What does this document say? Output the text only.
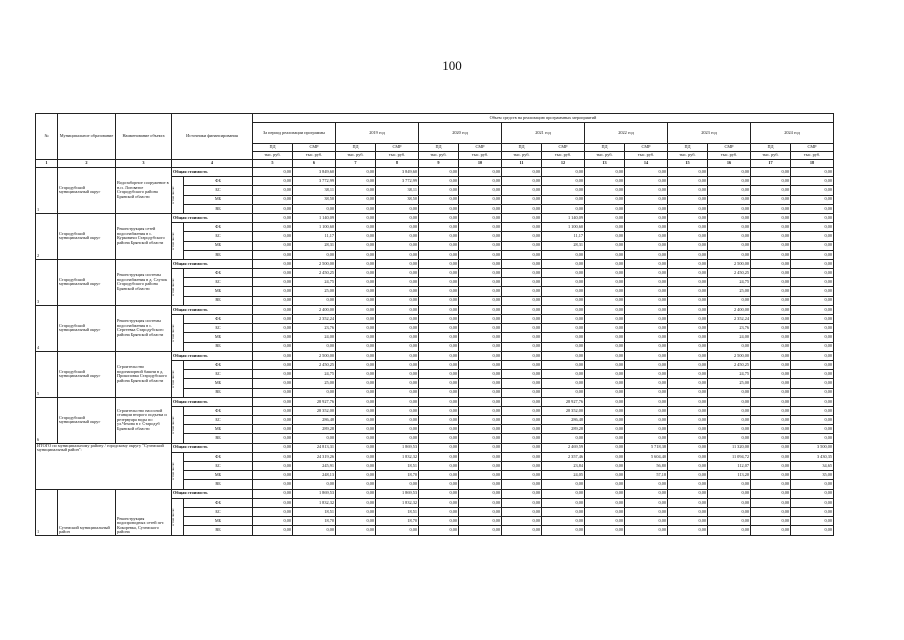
100
№	Муниципальное образование	Наименование объекта	Источники финансирования		Объем средств на реализацию программных мероприятий													
					За период реализации программы		2019 год		2020 год		2021 год		2022 год		2023 год		2024 год	
					ПД	СМР	ПД	СМР	ПД	СМР	ПД	СМР	ПД	СМР	ПД	СМР	ПД	СМР
					тыс. руб.	тыс. руб.	тыс. руб.	тыс. руб.	тыс. руб.	тыс. руб.	тыс. руб.	тыс. руб.	тыс. руб.	тыс. руб.	тыс. руб.	тыс. руб.	тыс. руб.	тыс. руб.
1	2	3	4		5	6	7	8	9	10	11	12	13	14	15	16	17	18
1	Стародубский муниципальный округ	Водозаборное сооружение в н.п. Логоватое Стародубского района Брянской области	Общая стоимость		0,00	3 849,60	0,00	3 849,60	0,00	0,00	0,00	0,00	0,00	0,00	0,00	0,00	0,00	0,00

			в том числе:	ФБ	0,00	3 772,99	0,00	3 772,99	0,00	0,00	0,00	0,00	0,00	0,00	0,00	0,00	0,00	0,00
				БС	0,00	38,11	0,00	38,11	0,00	0,00	0,00	0,00	0,00	0,00	0,00	0,00	0,00	0,00
				МБ	0,00	38,50	0,00	38,50	0,00	0,00	0,00	0,00	0,00	0,00	0,00	0,00	0,00	0,00
				ВБ	0,00	0,00	0,00	0,00	0,00	0,00	0,00	0,00	0,00	0,00	0,00	0,00	0,00	0,00
2	Стародубский муниципальный округ	Реконструкция сетей водоснабжения в с. Курковичи Стародубского района Брянской области	Общая стоимость		0,00	1 140,09	0,00	0,00	0,00	0,00	0,00	1 140,09	0,00	0,00	0,00	0,00	0,00	0,00

			в том числе:	ФБ	0,00	1 100,60	0,00	0,00	0,00	0,00	0,00	1 100,60	0,00	0,00	0,00	0,00	0,00	0,00
				БС	0,00	11,17	0,00	0,00	0,00	0,00	0,00	11,17	0,00	0,00	0,00	0,00	0,00	0,00
				МБ	0,00	28,31	0,00	0,00	0,00	0,00	0,00	28,31	0,00	0,00	0,00	0,00	0,00	0,00
				ВБ	0,00	0,00	0,00	0,00	0,00	0,00	0,00	0,00	0,00	0,00	0,00	0,00	0,00	0,00
3	Стародубский муниципальный округ	Реконструкция системы водоснабжения в д. Случок Стародубского района Брянской области	Общая стоимость		0,00	2 500,00	0,00	0,00	0,00	0,00	0,00	0,00	0,00	0,00	0,00	2 500,00	0,00	0,00

			в том числе:	ФБ	0,00	2 450,25	0,00	0,00	0,00	0,00	0,00	0,00	0,00	0,00	0,00	2 450,25	0,00	0,00
				БС	0,00	24,75	0,00	0,00	0,00	0,00	0,00	0,00	0,00	0,00	0,00	24,75	0,00	0,00
				МБ	0,00	25,00	0,00	0,00	0,00	0,00	0,00	0,00	0,00	0,00	0,00	25,00	0,00	0,00
				ВБ	0,00	0,00	0,00	0,00	0,00	0,00	0,00	0,00	0,00	0,00	0,00	0,00	0,00	0,00
4	Стародубский муниципальный округ	Реконструкция системы водоснабжения в с. Сергеевка Стародубского района Брянской области	Общая стоимость		0,00	2 400,00	0,00	0,00	0,00	0,00	0,00	0,00	0,00	0,00	0,00	2 400,00	0,00	0,00

			в том числе:	ФБ	0,00	2 352,24	0,00	0,00	0,00	0,00	0,00	0,00	0,00	0,00	0,00	2 352,24	0,00	0,00
				БС	0,00	23,76	0,00	0,00	0,00	0,00	0,00	0,00	0,00	0,00	0,00	23,76	0,00	0,00
				МБ	0,00	24,00	0,00	0,00	0,00	0,00	0,00	0,00	0,00	0,00	0,00	24,00	0,00	0,00
				ВБ	0,00	0,00	0,00	0,00	0,00	0,00	0,00	0,00	0,00	0,00	0,00	0,00	0,00	0,00
5	Стародубский муниципальный округ	Строительство водонапорной башни в д. Прокоповка Стародубского района Брянской области	Общая стоимость		0,00	2 500,00	0,00	0,00	0,00	0,00	0,00	0,00	0,00	0,00	0,00	2 500,00	0,00	0,00

			в том числе:	ФБ	0,00	2 450,25	0,00	0,00	0,00	0,00	0,00	0,00	0,00	0,00	0,00	2 450,25	0,00	0,00
				БС	0,00	24,75	0,00	0,00	0,00	0,00	0,00	0,00	0,00	0,00	0,00	24,75	0,00	0,00
				МБ	0,00	25,00	0,00	0,00	0,00	0,00	0,00	0,00	0,00	0,00	0,00	25,00	0,00	0,00
				ВБ	0,00	0,00	0,00	0,00	0,00	0,00	0,00	0,00	0,00	0,00	0,00	0,00	0,00	0,00
6	Стародубский муниципальный округ	Строительство насосной станции второго подъема и резервуара воды по ул.Чехова в г. Стародуб Брянской области	Общая стоимость		0,00	28 927,76	0,00	0,00	0,00	0,00	0,00	28 927,76	0,00	0,00	0,00	0,00	0,00	0,00

			в том числе:	ФБ	0,00	28 352,00	0,00	0,00	0,00	0,00	0,00	28 352,00	0,00	0,00	0,00	0,00	0,00	0,00
				БС	0,00	286,48	0,00	0,00	0,00	0,00	0,00	286,48	0,00	0,00	0,00	0,00	0,00	0,00
				МБ	0,00	289,28	0,00	0,00	0,00	0,00	0,00	289,28	0,00	0,00	0,00	0,00	0,00	0,00
				ВБ	0,00	0,00	0,00	0,00	0,00	0,00	0,00	0,00	0,00	0,00	0,00	0,00	0,00	0,00
ИТОГО по муниципальному району / городскому округу "Суземский муниципальный район":			Общая стоимость		0,00	24 813,31	0,00	1 869,53	0,00	0,00	0,00	2 469,59	0,00	5 718,38	0,00	11 320,00	0,00	3 500,00

			в том числе:	ФБ	0,00	24 319,26	0,00	1 832,32	0,00	0,00	0,00	2 357,46	0,00	5 604,40	0,00	11 094,72	0,00	3 430,35
				БС	0,00	245,91	0,00	18,51	0,00	0,00	0,00	23,84	0,00	56,80	0,00	112,07	0,00	34,65
				МБ	0,00	248,13	0,00	18,70	0,00	0,00	0,00	24,05	0,00	57,18	0,00	113,20	0,00	35,00
				ВБ	0,00	0,00	0,00	0,00	0,00	0,00	0,00	0,00	0,00	0,00	0,00	0,00	0,00	0,00
1	Суземский муниципальный район	Реконструкция водопроводных сетей пгт. Кокоревка, Суземского района	Общая стоимость		0,00	1 869,53	0,00	1 869,53	0,00	0,00	0,00	0,00	0,00	0,00	0,00	0,00	0,00	0,00

			в том числе:	ФБ	0,00	1 832,32	0,00	1 832,32	0,00	0,00	0,00	0,00	0,00	0,00	0,00	0,00	0,00	0,00
				БС	0,00	18,51	0,00	18,51	0,00	0,00	0,00	0,00	0,00	0,00	0,00	0,00	0,00	0,00
				МБ	0,00	18,70	0,00	18,70	0,00	0,00	0,00	0,00	0,00	0,00	0,00	0,00	0,00	0,00
				ВБ	0,00	0,00	0,00	0,00	0,00	0,00	0,00	0,00	0,00	0,00	0,00	0,00	0,00	0,00
